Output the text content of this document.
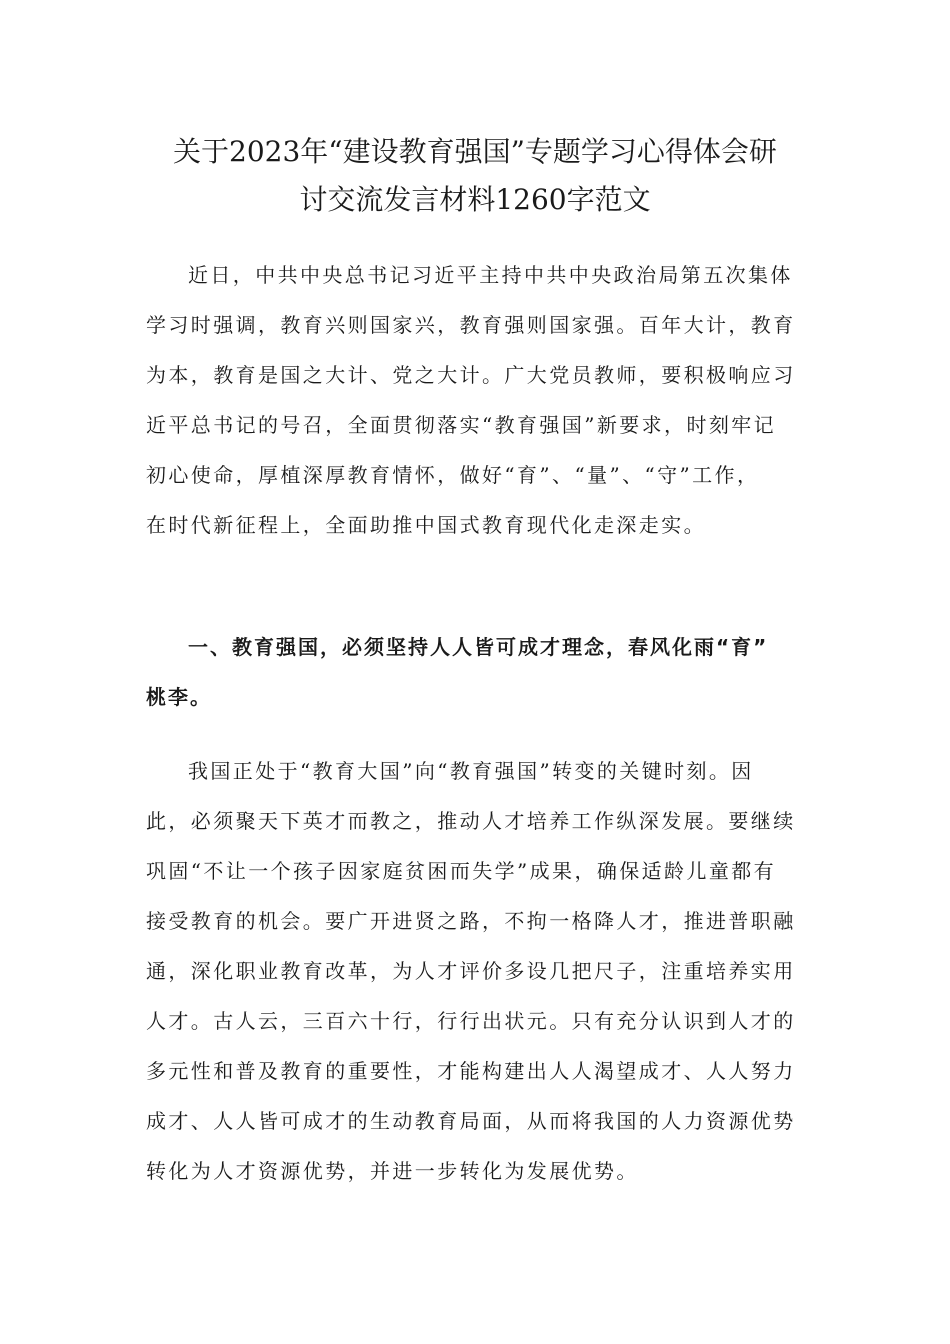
关于2023年“建设教育强国”专题学习心得体会研
讨交流发言材料1260字范文

近日，中共中央总书记习近平主持中共中央政治局第五次集体
学习时强调，教育兴则国家兴，教育强则国家强。百年大计，教育
为本，教育是国之大计、党之大计。广大党员教师，要积极响应习
近平总书记的号召，全面贯彻落实“教育强国”新要求，时刻牢记
初心使命，厚植深厚教育情怀，做好“育”、“量”、“守”工作，
在时代新征程上，全面助推中国式教育现代化走深走实。

一、教育强国，必须坚持人人皆可成才理念，春风化雨“育”
桃李。

我国正处于“教育大国”向“教育强国”转变的关键时刻。因
此，必须聚天下英才而教之，推动人才培养工作纵深发展。要继续
巩固“不让一个孩子因家庭贫困而失学”成果，确保适龄儿童都有
接受教育的机会。要广开进贤之路，不拘一格降人才，推进普职融
通，深化职业教育改革，为人才评价多设几把尺子，注重培养实用
人才。古人云，三百六十行，行行出状元。只有充分认识到人才的
多元性和普及教育的重要性，才能构建出人人渴望成才、人人努力
成才、人人皆可成才的生动教育局面，从而将我国的人力资源优势
转化为人才资源优势，并进一步转化为发展优势。
